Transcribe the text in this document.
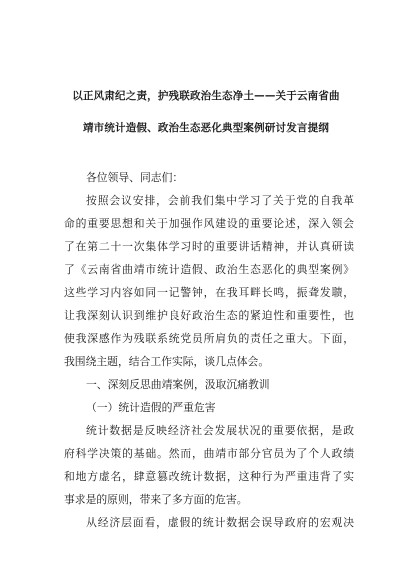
以正风肃纪之责，护残联政治生态净土——关于云南省曲
靖市统计造假、政治生态恶化典型案例研讨发言提纲
各位领导、同志们：
按照会议安排，会前我们集中学习了关于党的自我革
命的重要思想和关于加强作风建设的重要论述，深入领会
了在第二十一次集体学习时的重要讲话精神，并认真研读
了《云南省曲靖市统计造假、政治生态恶化的典型案例》
这些学习内容如同一记警钟，在我耳畔长鸣，振聋发聩，
让我深刻认识到维护良好政治生态的紧迫性和重要性，也
使我深感作为残联系统党员所肩负的责任之重大。下面，
我围绕主题，结合工作实际，谈几点体会。
一、深刻反思曲靖案例，汲取沉痛教训
（一）统计造假的严重危害
统计数据是反映经济社会发展状况的重要依据，是政
府科学决策的基础。然而，曲靖市部分官员为了个人政绩
和地方虚名，肆意篡改统计数据，这种行为严重违背了实
事求是的原则，带来了多方面的危害。
从经济层面看，虚假的统计数据会误导政府的宏观决
